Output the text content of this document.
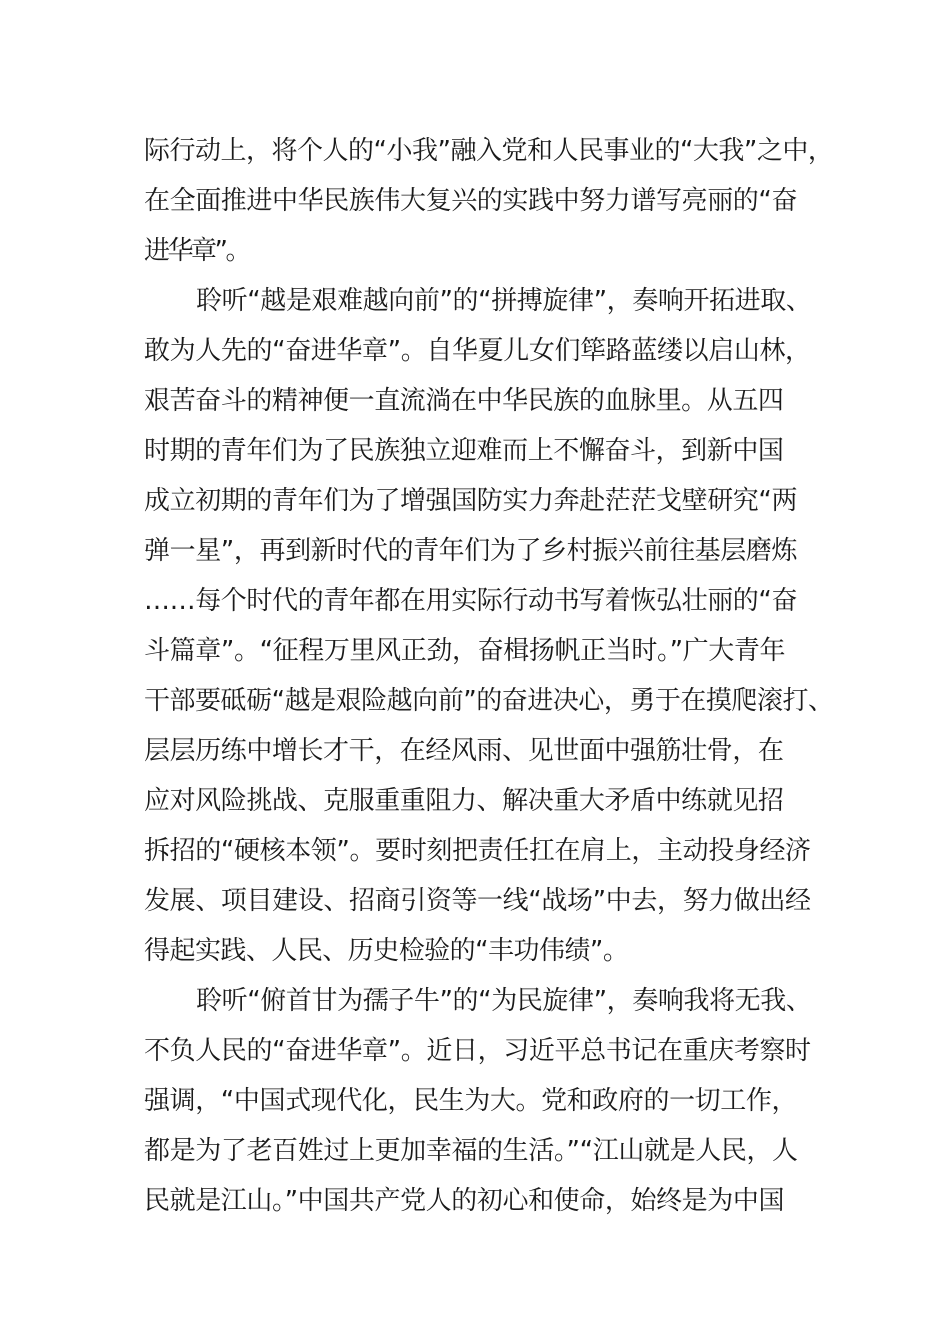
际行动上，将个人的“小我”融入党和人民事业的“大我”之中，
在全面推进中华民族伟大复兴的实践中努力谱写亮丽的“奋
进华章”。
聆听“越是艰难越向前”的“拼搏旋律”，奏响开拓进取、
敢为人先的“奋进华章”。自华夏儿女们筚路蓝缕以启山林，
艰苦奋斗的精神便一直流淌在中华民族的血脉里。从五四
时期的青年们为了民族独立迎难而上不懈奋斗，到新中国
成立初期的青年们为了增强国防实力奔赴茫茫戈壁研究“两
弹一星”，再到新时代的青年们为了乡村振兴前往基层磨炼
……每个时代的青年都在用实际行动书写着恢弘壮丽的“奋
斗篇章”。“征程万里风正劲，奋楫扬帆正当时。”广大青年
干部要砥砺“越是艰险越向前”的奋进决心，勇于在摸爬滚打、
层层历练中增长才干，在经风雨、见世面中强筋壮骨，在
应对风险挑战、克服重重阻力、解决重大矛盾中练就见招
拆招的“硬核本领”。要时刻把责任扛在肩上，主动投身经济
发展、项目建设、招商引资等一线“战场”中去，努力做出经
得起实践、人民、历史检验的“丰功伟绩”。
聆听“俯首甘为孺子牛”的“为民旋律”，奏响我将无我、
不负人民的“奋进华章”。近日，习近平总书记在重庆考察时
强调，“中国式现代化，民生为大。党和政府的一切工作，
都是为了老百姓过上更加幸福的生活。”“江山就是人民，人
民就是江山。”中国共产党人的初心和使命，始终是为中国
